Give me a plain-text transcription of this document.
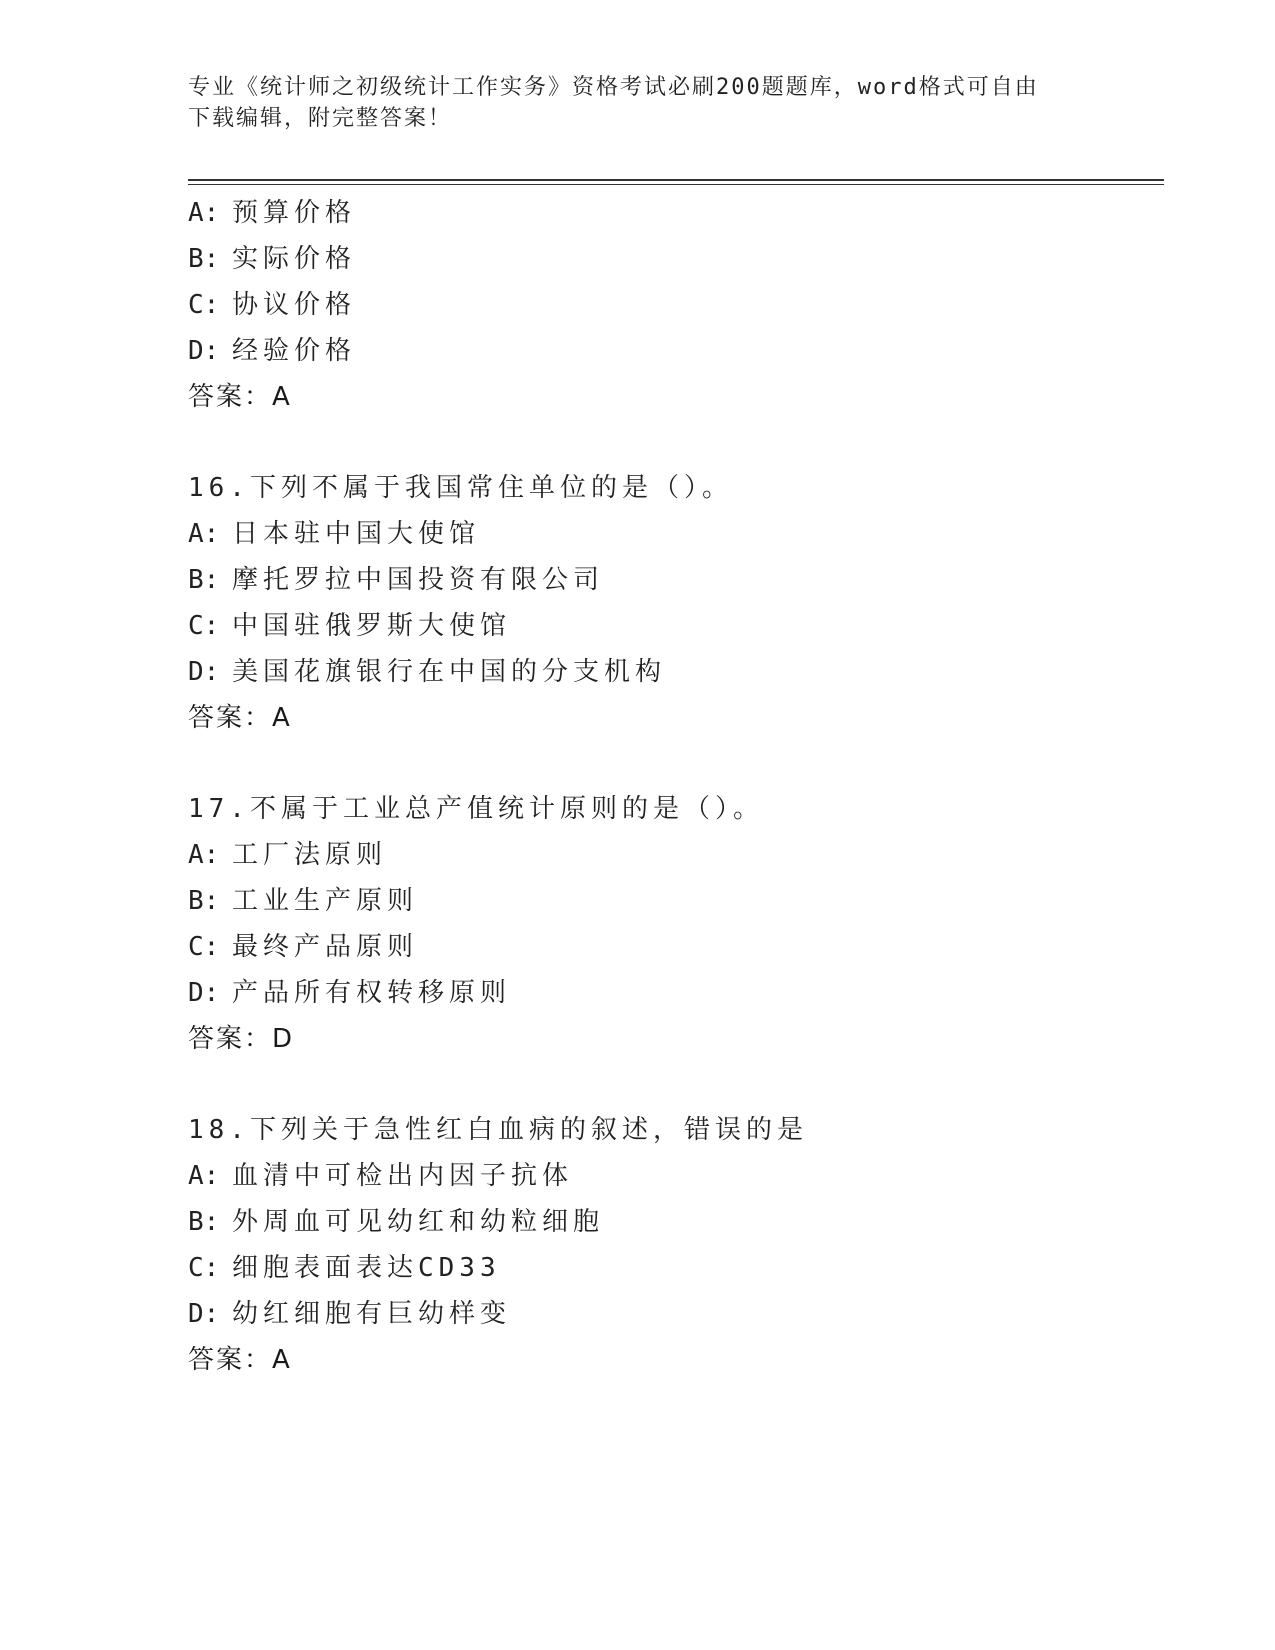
专业《统计师之初级统计工作实务》资格考试必刷200题题库，word格式可自由
下载编辑，附完整答案！
A: 预算价格
B: 实际价格
C: 协议价格
D: 经验价格
答案：A
16.下列不属于我国常住单位的是（）。
A: 日本驻中国大使馆
B: 摩托罗拉中国投资有限公司
C: 中国驻俄罗斯大使馆
D: 美国花旗银行在中国的分支机构
答案：A
17.不属于工业总产值统计原则的是（）。
A: 工厂法原则
B: 工业生产原则
C: 最终产品原则
D: 产品所有权转移原则
答案：D
18.下列关于急性红白血病的叙述，错误的是
A: 血清中可检出内因子抗体
B: 外周血可见幼红和幼粒细胞
C: 细胞表面表达CD33
D: 幼红细胞有巨幼样变
答案：A
